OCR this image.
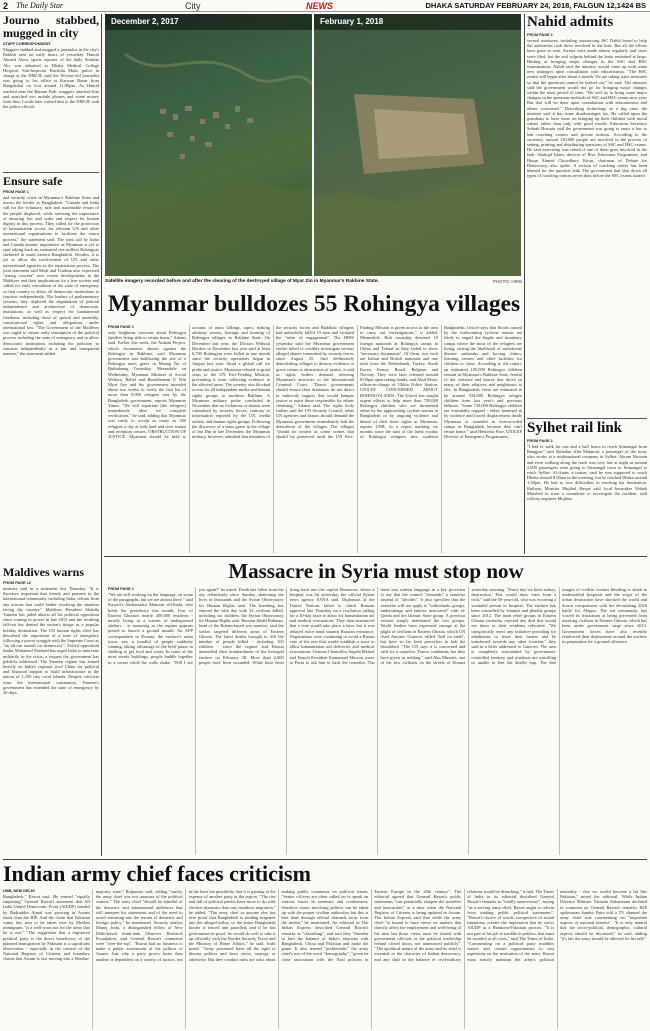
2 The Daily Star	City	NEWS	DHAKA SATURDAY FEBRUARY 24, 2018, FALGUN 12,1424 BS
Journo stabbed, mugged in city
STAFF CORRESPONDENT

Muggers stabbed and mugged a journalist in the city's Rakhsh area on early hours of yesterday. Hamid Ahmed Alam, sports reporter of the daily Sonsbar Alo, was admitted to Dhaka Medical College Hospital. Sub-Inspector Bachchu Miah, police in charge at the DMCH, said the 36-year-old journalist was going to his office at Karwan Bazar from Bangshshal on foot around 11:00pm. As Hamid reached near the Ramna Park, muggers attacked him and snatched two mobile phones and some money from him. Locals later rushed him to the DMCH, said the police official.

Ensure safe
FROM PAGE 1

and security crisis in Myanmar's Rakhine State and across the border in Bangladesh. "Canada and India call for the voluntary, safe and sustainable return of the people displaced, while stressing the importance of ensuring law and order and respect for human dignity in this process. They called for the protection of humanitarian access for relevant UN and other international organisations to facilitate the return process," the statement said. The joint call by India and Canada assume importance as Myanmar is yet to start taking back an estimated one million Rohingyas sheltered in south eastern Bangladesh. Besides, it is yet to allow the involvement of UN and other international agencies in the repatriation process. The joint statement said Modi and Trudeau also expressed "strong concern" over recent developments in the Maldives and their implications for a free society and called for early restoration of the state of emergency so that country to allow all democratic institutions to function independently. The leaders of parliamentary systems, they deplored the degradation of judicial independence and architecture of democratic institutions, as well as respect for fundamental freedoms, including those of speech and assembly, constitutional rights and obligations under international law. "The Government of the Maldives was urged to ensure early resumption of the political process including the state of emergency and to allow democratic institutions including the judiciary to function independently in a fair and transparent manner," the statement added.

Maldives warns
FROM PAGE 12

ministry said in a statement last Thursday. "It is therefore important that friends and partners in the international community, including India, refrain from any actions that could hinder resolving the situation facing the country." Maldives President Abdulla Yameen has jailed almost all his political opposition since coming to power in late 2013 and the resulting fall-out has dented the nation's image as a popular holiday destination. The UN human rights chief has described the imposition of a state of emergency following a power struggle with the Supreme Court as "an all-out assault on democracy". Exiled opposition leader Mohamed Nasheed has urged India to intervene militarily in the crisis, a request the government has publicly addressed. The Yameen regime has leaned heavily on India's regional rival China for political and financial support to build infrastructure in the nation of 1,190 tiny coral islands. Despite criticism from the international community, Yameen's government has extended the state of emergency by 30 days.

December 2, 2017	February 1, 2018
Satellite imagery recorded before and after the clearing of the destroyed village of Myar Zin in Myanmar's Rakhine State.	PHOTO: HRW
Myanmar bulldozes 55 Rohingya villages
FROM PAGE 1

only heightens concerns about Rohingya families being able to return home," Adams said. Earlier this week, the Arakan Project, which documents abuses against the Rohingya in Rakhine, said Myanmar government was bulldozing the site of a Rohingya mass grave in Maung Nu of Buthidaung Township. Meanwhile on Wednesday, Myanmar Minister of Social Welfare, Relief and Resettlement U Win Myat Aye and his government intended about two weeks to verify the first list of more than 8,000 refugees sent by the Bangladesh government, reports Myanmar Times. "We will repatriate [the refugees] immediately after we complete verification," he said, adding that Myanmar was ready to accept as many as 300 refugees a day at both land and river transit and reception centres. OBSTRUCTION OF JUSTICE. Myanmar should be held to account of mass killings, rapes, making arbitrary arrests, lootings and burning of Rohingya villages in Rakhine State. On December last year, the Doctors Without Borders in December last year said at least 6,700 Rohingyas were killed in one month since the security operations began in August last year. Amid a global call for probe and justice, Myanmar refused to grant visas to the UN Fact-Finding Mission, preventing it from collecting evidence in the affected areas. The country also blocked access for all independent media and human rights groups to northern Rakhine. A Myanmar military probe concluded in November that no violations or abuses were committed by security forces, contrary to information reported by the UN, media outlets, and human rights groups. Following the discovery of a mass grave in the village of Inn Din in late December, the Myanmar military, however, admitted that members of the security forces and Buddhist villagers had unlawfully killed 10 men and violated the "rules of engagement". The HRW yesterday said the Myanmar government earlier failed to credibly investigate serious alleged abuses committed by security forces since August 25. And deliberately demolishing villages to destroy evidence of grave crimes is obstruction of justice, it said as rights bodies demand referring Myanmar's atrocities to the International Criminal Court. "Donor governments should ensure their donations do not direct or indirectly support that would hamper justice or assist those responsible for ethnic cleansing," Adams said. The rights body further said the UN Security Council, other UN agencies and donors should demand the Myanmar government immediately halt the demolition of the villages. The villages "should be treated as crime scenes that should be preserved until the UN Fact-Finding Mission is given access to the area to carry out investigations," it added. Meanwhile, Bidi township detained 10 foreign nationals at Rohingya camps in Ukhia and Teknaf as they failed to show "necessary documents". Of them, two each are Italian and British nationals and one each from the Netherlands, Turkey, South Korea, Kenya, Brazil, Belgium and Norway. They were later released around 8:00pm upon taking bonds, said Abul Khair, officer-in-charge of Ukhia Police Station. UNICEF CONCERNED ABOUT ROHINGYA KIDS. The Unicef has sought urgent efforts to help more than 720,000 Rohingya children who are threatened either by the approaching cyclone season in Bangladesh or by ongoing violence and denial of their basic rights in Myanmar, reports UNB. In a report marking six months since the start of the latest exodus of Rohingya refugees into southern Bangladesh, Unicef says that floods caused by the forthcoming cyclone season are likely to engulf the fragile and insanitary camps where the most of the refugees are living, raising the likelihood of waterborne disease outbreaks and forcing clinics, learning centres and other facilities for children to close. According to the report, an estimated 185,000 Rohingya children remain in Myanmar's Rakhine State, fearful of the violence and horror that drove so many of their relatives and neighbours to flee. In Bangladesh, there are estimated to be around 534,000 Rohingya refugee children from last year's and previous influxes. "Some 720,000 Rohingya children are essentially trapped - either hemmed in by violence and forced displacement inside Myanmar or stranded in overcrowded camps in Bangladesh because they can't return home," said Henrietta Fore, UNICEF Director of Emergency Programmes.

Nahid admits
FROM PAGE 1

several measures, including outsourcing JSC Dakhi board to help the authorities curb those involved in the leak. But all the efforts have gone in vain. Arrests were made almost regularly and cases were filed, but the real culprits behind the leaks remained at large. Hinting at bringing major changes in the SSC and HSC examinations, Nahid said the ministry would come up with some new strategies upon consultation with educationists. "The HSC exams will begin after about a month. We are taking strict measures so that the questions cannot be leaked out," he said. The minister said the government would not go for bringing major changes within the short period of time. "We will try to bring some major changes in the questions methods of SSC and HSC exams next year. But that will be done upon consultation with educationists and others concerned." Describing technology as a big ones, the minister said it has some disadvantages too. He called upon the guardians to have more on bringing up their children with moral values rather than only with good results. Education Secretary Sohrab Hossain said the government was going to enact a law to ban coaching centres and private tuitions. According to the secretary, around 130,000 people are involved in the process of setting, printing and distributing questions of SSC and HSC exams. He said exercising was raised if one of them goes involved in the leak. Shafiqul Islam, director of Brac Education Programme, and Hasan Ahmed Chowdhury Kiron, chairman of Debate for Democracy, also spoke. A section of coaching center has been blamed for the question leak. The government had shut down all types of coaching centres seven days before the SSC exams started.

Sylhet rail link
FROM PAGE 1

"I had to walk for one and a half hours to reach Srimangal from Rangpur," said Shihabur Alin Mahmud, a passenger of the train, who works at a multinational company in Sylhet. Akram Hossain and even walking along the track was very late at night as around 2,000 passengers were going to Srimangal town or Srimangal to reach Sylhet. Al-Amin, a trainer, said he was supposed to reach Dhaka around 8:00am in the morning, but he reached Dhaka around 1:30pm. He had to face difficulties in reaching his destination. Railway Minister Mujibul Haque said local lawmaker Wahab Murshed to form a committee to investigate the incident, said railway engineer Mujibur.

Massacre in Syria must stop now
FROM PAGE 1

"We are still working on the language, on some of the paragraphs, but we are almost there," said Kuwait's Ambassador Mansour al-Otaibi, who holds the presidency this month. Fear of Eastern Ghouta's nearly 400,000 residents - mostly living in a warren of underground shelters - is mounting as the regime appears poised to launch a ground assault. An AFP correspondent in Douma, the enclave's main town, saw a handful of people suddenly running, taking advantage of the brief pause in shelling to get food and water. In some of the most sturdy buildings, people huddle together in a corner while the walls shake. "Will I see you again?" he asked. Death has fallen from the sky relentlessly since Sunday, shattering the lives of thousands and the Syrian Observatory for Human Rights said. The bombing has entered the fifth day with 32 civilians killed, including six children, the Syrian Observatory for Human Rights said. Bassam Abdel Rahman, head of the Britain-based war monitor, said the strikes targeted different areas of Eastern Ghouta. The latest deaths brought to 416 the number of people killed - including 103 children - since the regime and Russia intensified their bombardment of the besieged enclave on February 18. More than 2,000 people have been wounded. While have been firing back into the capital Damascus, where a hospital was hit yesterday, the official Syrian news agency SANA said. Diplomats at the United Nations failed to clinch Russian approval late Thursday on a resolution calling for a 30-day truce to allow for humanitarian aid and medical evacuations. They then announced that a vote would take place a later, but it was delayed twice amid staunch Russian resistance. Negotiations were continuing to avoid a Russia veto of the text that would establish a truce to allow humanitarian aid deliveries and medical evacuations. German Chancellor Angela Merkel and French President Emmanuel Macron wrote to Putin to ask him to back the ceasefire. The latest text softens language as a key provision to say that the council "demands" a ceasefire instead of "decides". It also specifies that the ceasefire will not apply to "individuals, groups, undertakings and entities associated" with al-Qaeda and the Islamic State group. A previous version simply mentioned the two groups. World leaders have expressed outrage at the plight of civilians in Eastern Ghouta, which UN chief Antonio Guterres called "hell on earth", but have so far been powerless to halt the bloodshed. "The UN says it is concerned and calls for a ceasefire, France condemns, but they have given us nothing," said Abu Mustafa, one of the few civilians on the streets of Douma yesterday morning. "Every day we have strikes, destruction. This would draw tears from a rock," said the 50-year-old, who was escorting a wounded person to hospital. The enclave has been controlled by Islamist and jihadist groups since 2012. The main rebel groups in Eastern Ghouta yesterday rejected any deal that would see them or their residents relocated. "We categorically reject any initiative providing for inhabitants to leave their homes and be transferred towards any other location," they said in a letter addressed to Guterres. The area is completely surrounded by government-controlled territory and residents are unwilling or unable to flee the deadly trap. The dire images of civilian victims bleeding to death in understaffed hospitals and the scope of the urban destruction have shocked the world and drawn comparisons with the devastating 2016 battle for Aleppo. The aid community has vowed its frustration at being prevented from assisting civilians in Eastern Ghouta, which has been under government siege since 2013. Government forces have also recently reinforced their deployment around the enclave in preparation for a ground offensive.

Indian army chief faces criticism
UNB, NEW DELHI

Rangladesh," Rawat said. He termed "equally surprising" General Rawat's statement that All India United Democratic Front (AIUDF) headed by Badruddin Ajmal was growing in Assam faster than the BJP. And the claim that Pakistan wants this area to be taken over by Muslim immigrants "is a well-worn not for the army that he is not." "The suggestion that a registered political party is the direct beneficiary of the planned immigration by Pakistan is a significant observation - especially in the context of the National Register of Citizens and boundary claims that Assam is fast moving into a Muslim-majority state," Rajkumar said, adding "surely, the army chief was not unaware of the political context." The army chief "should be mindful of the domestic and international audiences that will interpret his statements and of the need to avoid venturing into the terrain of domestic and foreign policy," he mentioned. Security analyst Manoj Joshi, a distinguished fellow of New Delhi-based think-tank Observer Research Foundation, said General Rawat's comments were "over-the-top". "Rawat had no business to make a public assessment of the politics of Assam. Just why a party grows faster than another is dependent on a variety of factors, not in the least the possibility that it is gaining at the expense of another party in the region. "The rise and fall of political parties have more to do with election dynamics than any insidious migration," he added. "The army chief or anyone else has zero proof that Bangladesh is sending migrants into the alleged influx, or the entire Bangladesh border is fenced and patrolled, and if he has government-in proof, he would do well to take it up officially with the Border Security Force and the Ministry of Home Affairs," he said. Joshi noted: "Army personnel have all the right to discuss politics and have views, strategy or otherwise. But they conduct rules are strict about making public comments on political issues. "Senior officers are often called on to speak on various issues in seminars and conferences. Sensitive issues involving politics can be taken up with the proper civilian authorities but this is best done through official channels away from the media," he mentioned. An editorial in The Indian Express described General Rawat's remarks as "disturbing", and said they "threaten to hurt the balance of India's relations with Bangladesh, China and Pakistan and make the game. It also termed "problematic" the army chief's use of the word "demography", "given its close association with the Nazi policies in Eastern Europe in the 20th century". The editorial agreed that General Rawat's public statements "can potentially sharpen the anxieties and insecurities" at a time when the National Register of Citizens is being updated in Assam. The Indian Express said that while the army chief "is bound to have views on matters that directly affect the employment and well-being of his men but those views must be shared with government officials or the political leadership behind closed doors, not announced publicly". "The apolitical nature of the army and its chief is essential to the character of Indian democracy, and any shift in the balance of civil-military relations would be disturbing," it said. The Times of India in its editorial described General Rawat's remarks as "totally unnecessary", saying "as a serving army chief, Rawat ought to refrain from making public political statements". "Rawat's choice of words, irrespective of actual intentions, creates the impression that he views AIUDF as a Hindutva-Pakistani proxies. "It is not part of his job to meddle in politics, that must be avoided at all costs," said The Times of India. "Commenting on a political party muddies waters and creates opportunities to cast aspersions on the institution of the army. Rawat must strictly maintain the army's political neutrality - else we would become a bit like Pakistan," noted the editorial. While Indian Defence Minister Nirmala Sitharaman declined to comment on General Rawat's remarks, BJP spokesman Sambit Patra told a TV channel the army chief was commenting on "important aspects of national interest". "It is only natural that the socio-political, demographic, cultural aspects should be discussed," he said, adding "it's fair the army should be allowed for his talk".
